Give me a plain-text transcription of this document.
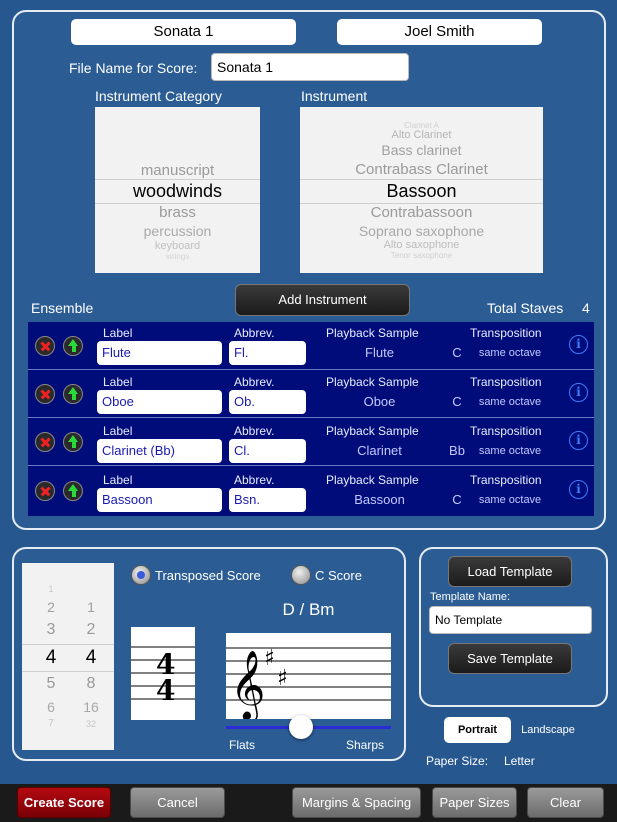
Sonata 1	Joel Smith
File Name for Score:	Sonata 1
Instrument Category	Instrument
manuscript
woodwinds
brass
percussion
keyboard
strings
Clarinet A
Alto Clarinet
Bass clarinet
Contrabass Clarinet
Bassoon
Contrabassoon
Soprano saxophone
Alto saxophone
Tenor saxophone
Ensemble
Add Instrument
Total Staves 4
Label
Flute
Abbrev.
Fl.
Playback Sample
Flute
Transposition
C	same octave
i
Label
Oboe
Abbrev.
Ob.
Playback Sample
Oboe
Transposition
C	same octave
i
Label
Clarinet (Bb)
Abbrev.
Cl.
Playback Sample
Clarinet
Transposition
Bb	same octave
i
Label
Bassoon
Abbrev.
Bsn.
Playback Sample
Bassoon
Transposition
C	same octave
i
1
2
3
4
5
6
7
1
2
4
8
16
32
Transposed Score	C Score
D / Bm
4
4 𝄞
♯
♯
Flats	Sharps
Load Template
Template Name:
No Template
Save Template
Portrait	Landscape
Paper Size: Letter
Create Score	Cancel	Margins & Spacing	Paper Sizes	Clear
